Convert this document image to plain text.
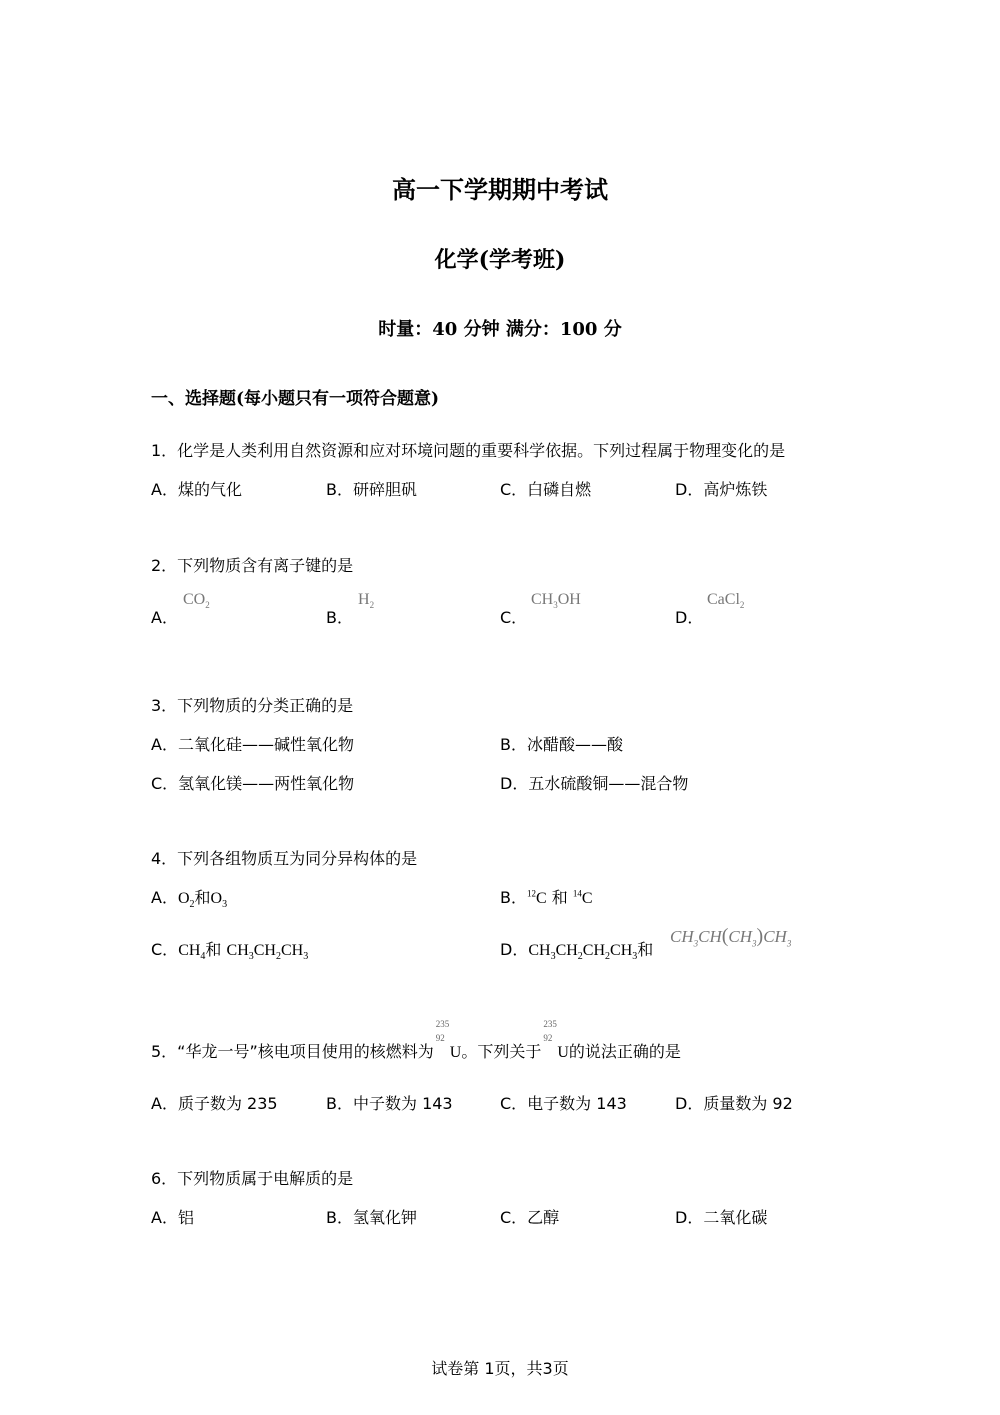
高一下学期期中考试
化学(学考班)
时量：40 分钟 满分：100 分
一、选择题(每小题只有一项符合题意)
1．化学是人类利用自然资源和应对环境问题的重要科学依据。下列过程属于物理变化的是
A．煤的气化	B．研碎胆矾	C．白磷自燃	D．高炉炼铁
2．下列物质含有离子键的是
A．
$CO_2$
B．
$H_2$
C．
$CH_3OH$
D．
CaCl$_2$
3．下列物质的分类正确的是
A．二氧化硅——碱性氧化物	B．冰醋酸——酸
C．氢氧化镁——两性氧化物	D．五水硫酸铜——混合物
4．下列各组物质互为同分异构体的是
A．$O_2$和$O_3$	B．$^{12}$C 和 $^{14}$C
C．$CH_4$和 $CH_3CH_2CH_3$	D．$CH_3CH_2CH_2CH_3$和
$CH_3CH(CH_3)CH_3$
5．“华龙一号”核电项目使用的核燃料为
235
92
U。下列关于
235
92
U的说法正确的是
A．质子数为 235	B．中子数为 143	C．电子数为 143	D．质量数为 92
6．下列物质属于电解质的是
A．铝	B．氢氧化钾	C．乙醇	D．二氧化碳
试卷第 1页，共3页
